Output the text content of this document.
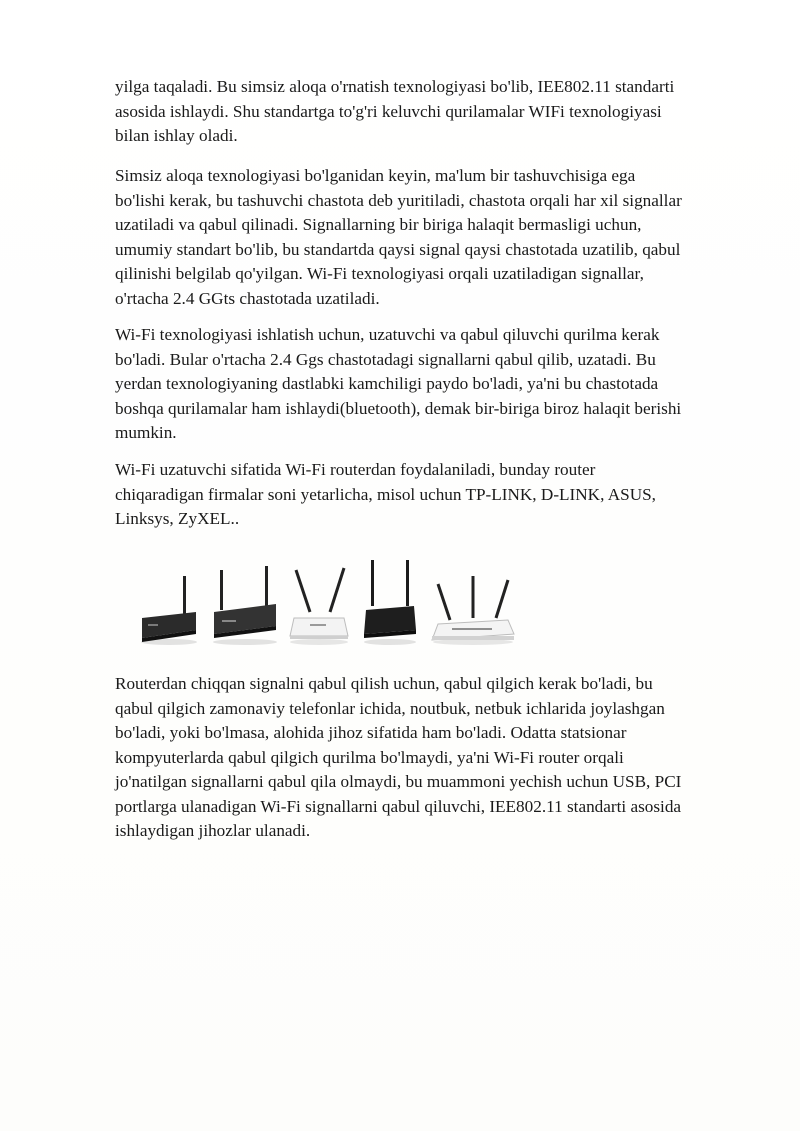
yilga taqaladi. Bu simsiz aloqa o'rnatish texnologiyasi bo'lib, IEE802.11 standarti
asosida ishlaydi. Shu standartga to'g'ri keluvchi qurilamalar WIFi texnologiyasi
bilan ishlay oladi.

Simsiz aloqa texnologiyasi bo'lganidan keyin, ma'lum bir tashuvchisiga ega
bo'lishi kerak, bu tashuvchi chastota deb yuritiladi, chastota orqali har xil signallar
uzatiladi va qabul qilinadi. Signallarning bir biriga halaqit bermasligi uchun,
umumiy standart bo'lib, bu standartda qaysi signal qaysi chastotada uzatilib, qabul
qilinishi belgilab qo'yilgan. Wi-Fi texnologiyasi orqali uzatiladigan signallar,
o'rtacha 2.4 GGts chastotada uzatiladi.

Wi-Fi texnologiyasi ishlatish uchun, uzatuvchi va qabul qiluvchi qurilma kerak
bo'ladi. Bular o'rtacha 2.4 Ggs chastotadagi signallarni qabul qilib, uzatadi. Bu
yerdan texnologiyaning dastlabki kamchiligi paydo bo'ladi, ya'ni bu chastotada
boshqa qurilamalar ham ishlaydi(bluetooth), demak bir-biriga biroz halaqit berishi
mumkin.

Wi-Fi uzatuvchi sifatida Wi-Fi routerdan foydalaniladi, bunday router
chiqaradigan firmalar soni yetarlicha, misol uchun TP-LINK, D-LINK, ASUS,
Linksys, ZyXEL..

Routerdan chiqqan signalni qabul qilish uchun, qabul qilgich kerak bo'ladi, bu
qabul qilgich zamonaviy telefonlar ichida, noutbuk, netbuk ichlarida joylashgan
bo'ladi, yoki bo'lmasa, alohida jihoz sifatida ham bo'ladi. Odatta statsionar
kompyuterlarda qabul qilgich qurilma bo'lmaydi, ya'ni Wi-Fi router orqali
jo'natilgan signallarni qabul qila olmaydi, bu muammoni yechish uchun USB, PCI
portlarga ulanadigan Wi-Fi signallarni qabul qiluvchi, IEE802.11 standarti asosida
ishlaydigan jihozlar ulanadi.
